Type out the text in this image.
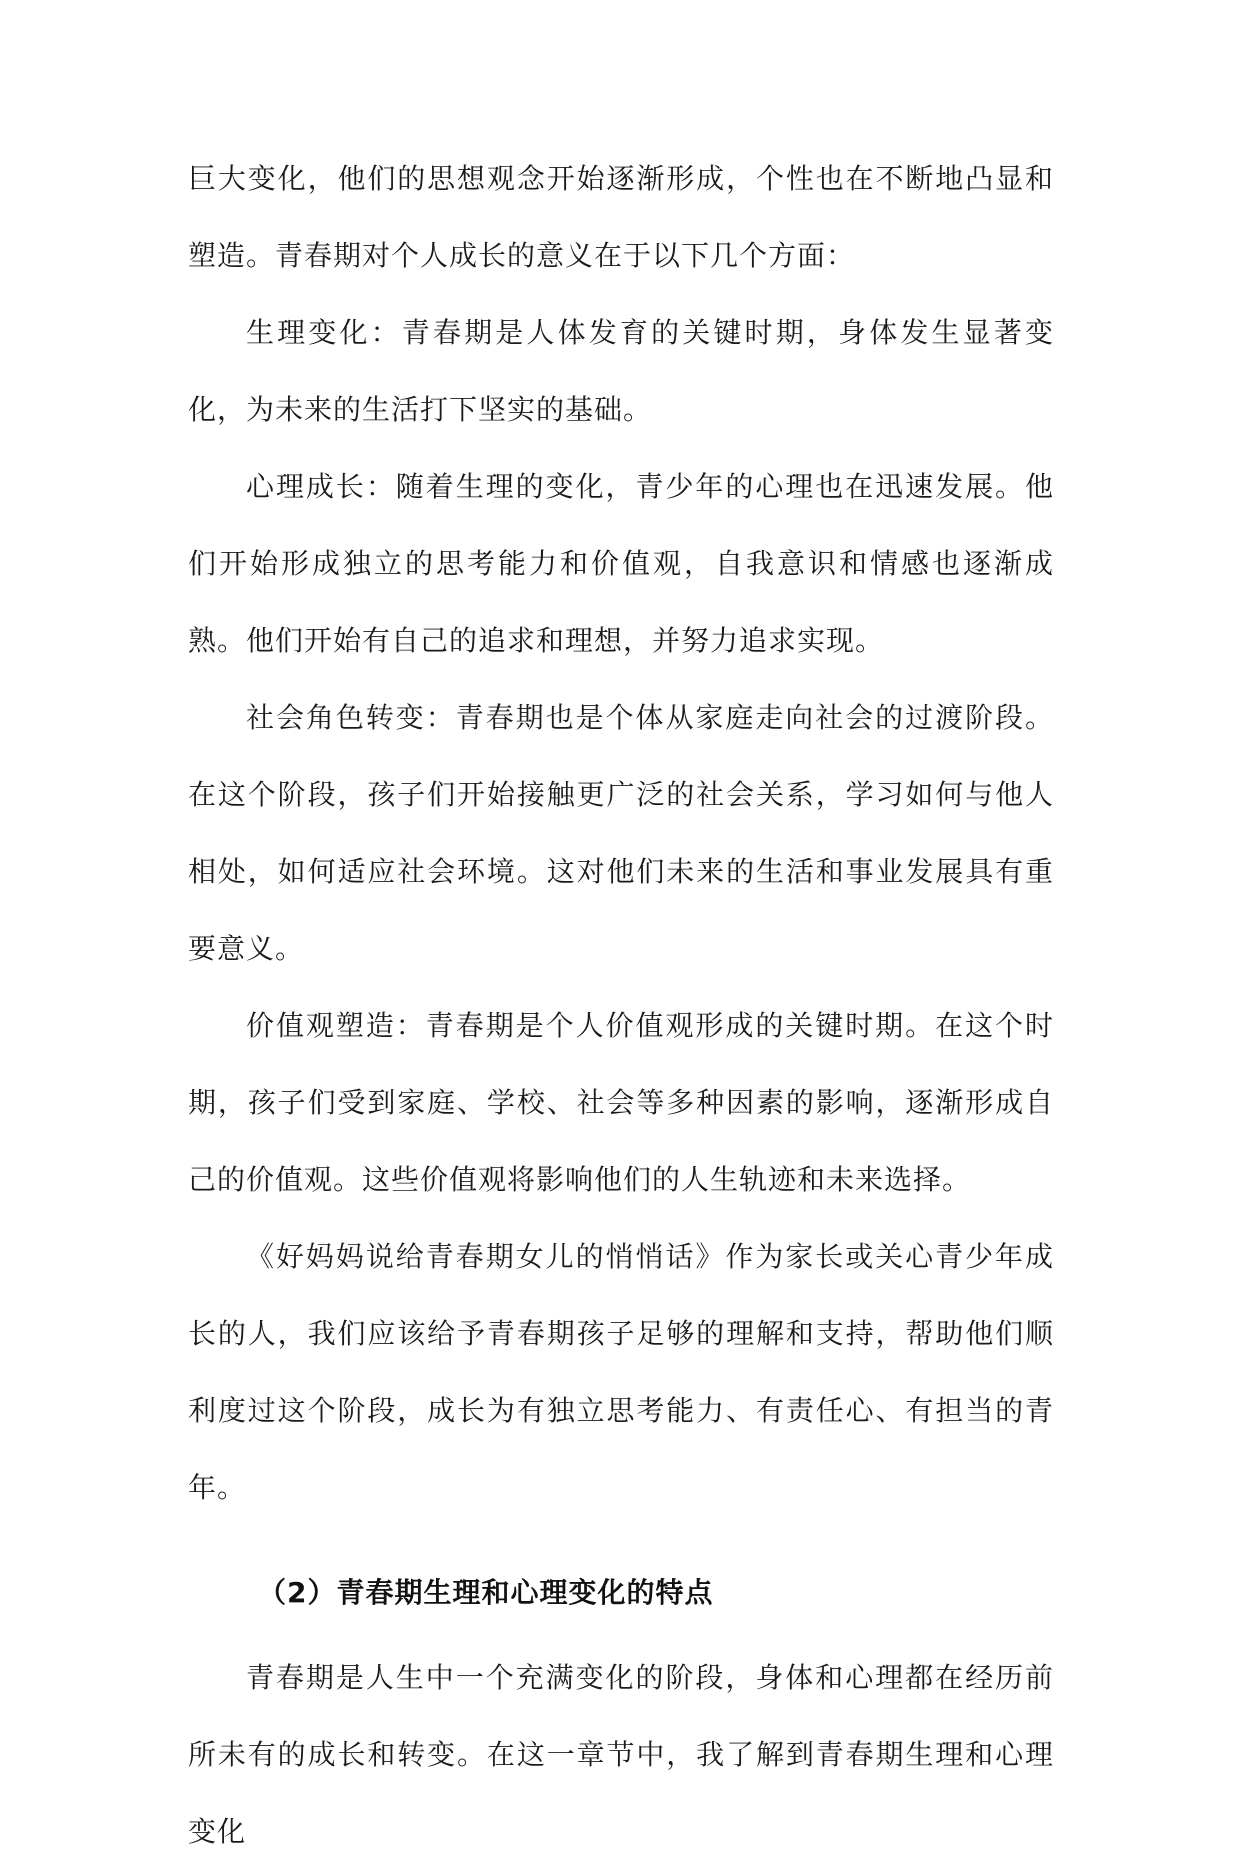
巨大变化，他们的思想观念开始逐渐形成，个性也在不断地凸显和塑造。青春期对个人成长的意义在于以下几个方面：

生理变化：青春期是人体发育的关键时期，身体发生显著变化，为未来的生活打下坚实的基础。

心理成长：随着生理的变化，青少年的心理也在迅速发展。他们开始形成独立的思考能力和价值观，自我意识和情感也逐渐成熟。他们开始有自己的追求和理想，并努力追求实现。

社会角色转变：青春期也是个体从家庭走向社会的过渡阶段。在这个阶段，孩子们开始接触更广泛的社会关系，学习如何与他人相处，如何适应社会环境。这对他们未来的生活和事业发展具有重要意义。

价值观塑造：青春期是个人价值观形成的关键时期。在这个时期，孩子们受到家庭、学校、社会等多种因素的影响，逐渐形成自己的价值观。这些价值观将影响他们的人生轨迹和未来选择。

《好妈妈说给青春期女儿的悄悄话》作为家长或关心青少年成长的人，我们应该给予青春期孩子足够的理解和支持，帮助他们顺利度过这个阶段，成长为有独立思考能力、有责任心、有担当的青年。

（2）青春期生理和心理变化的特点

青春期是人生中一个充满变化的阶段，身体和心理都在经历前所未有的成长和转变。在这一章节中，我了解到青春期生理和心理变化
